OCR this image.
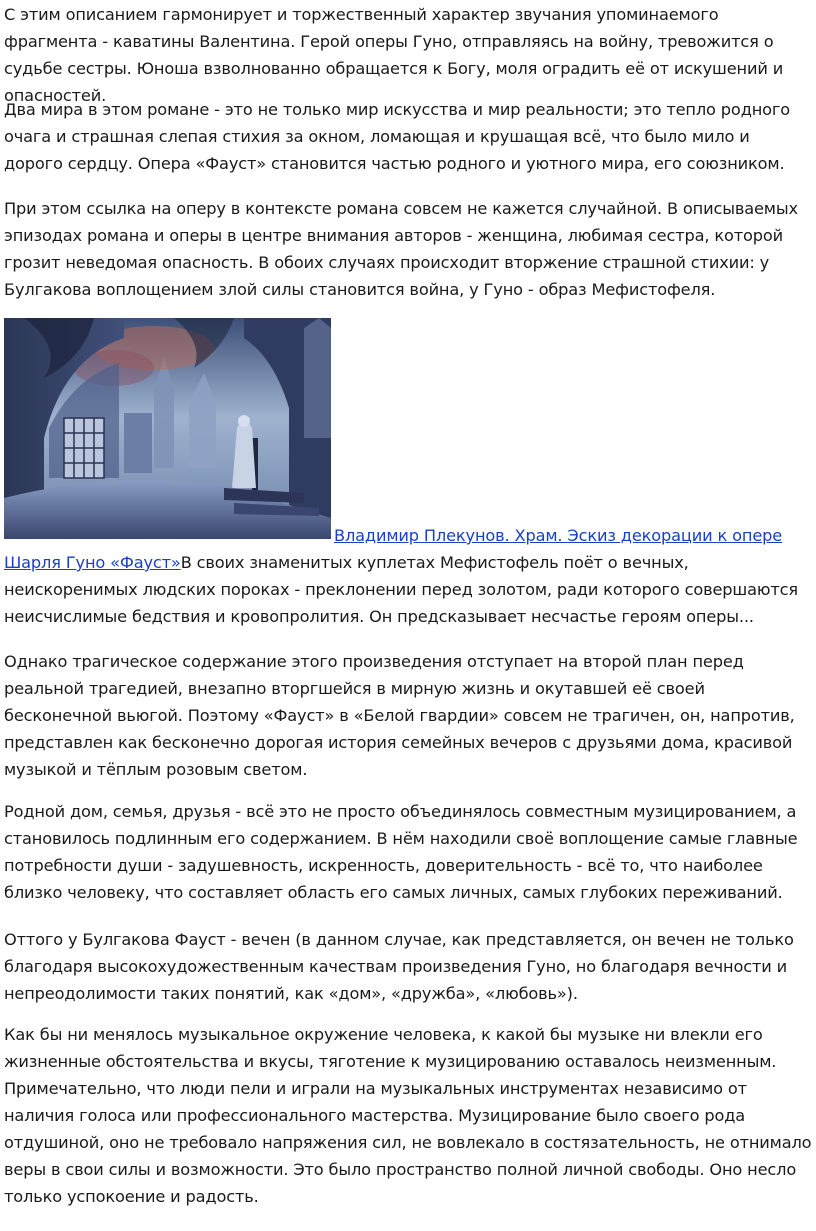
С этим описанием гармонирует и торжественный характер звучания упоминаемого фрагмента - каватины Валентина. Герой оперы Гуно, отправляясь на войну, тревожится о судьбе сестры. Юноша взволнованно обращается к Богу, моля оградить её от искушений и опасностей.

Два мира в этом романе - это не только мир искусства и мир реальности; это тепло родного очага и страшная слепая стихия за окном, ломающая и крушащая всё, что было мило и дорого сердцу. Опера «Фауст» становится частью родного и уютного мира, его союзником.

При этом ссылка на оперу в контексте романа совсем не кажется случайной. В описываемых эпизодах романа и оперы в центре внимания авторов - женщина, любимая сестра, которой грозит неведомая опасность. В обоих случаях происходит вторжение страшной стихии: у Булгакова воплощением злой силы становится война, у Гуно - образ Мефистофеля.

Владимир Плекунов. Храм. Эскиз декорации к опере Шарля Гуно «Фауст»В своих знаменитых куплетах Мефистофель поёт о вечных, неискоренимых людских пороках - преклонении перед золотом, ради которого совершаются неисчислимые бедствия и кровопролития. Он предсказывает несчастье героям оперы...

Однако трагическое содержание этого произведения отступает на второй план перед реальной трагедией, внезапно вторгшейся в мирную жизнь и окутавшей её своей бесконечной вьюгой. Поэтому «Фауст» в «Белой гвардии» совсем не трагичен, он, напротив, представлен как бесконечно дорогая история семейных вечеров с друзьями дома, красивой музыкой и тёплым розовым светом.

Родной дом, семья, друзья - всё это не просто объединялось совместным музицированием, а становилось подлинным его содержанием. В нём находили своё воплощение самые главные потребности души - задушевность, искренность, доверительность - всё то, что наиболее близко человеку, что составляет область его самых личных, самых глубоких переживаний.

Оттого у Булгакова Фауст - вечен (в данном случае, как представляется, он вечен не только благодаря высокохудожественным качествам произведения Гуно, но благодаря вечности и непреодолимости таких понятий, как «дом», «дружба», «любовь»).

Как бы ни менялось музыкальное окружение человека, к какой бы музыке ни влекли его жизненные обстоятельства и вкусы, тяготение к музицированию оставалось неизменным. Примечательно, что люди пели и играли на музыкальных инструментах независимо от наличия голоса или профессионального мастерства. Музицирование было своего рода отдушиной, оно не требовало напряжения сил, не вовлекало в состязательность, не отнимало веры в свои силы и возможности. Это было пространство полной личной свободы. Оно несло только успокоение и радость.
